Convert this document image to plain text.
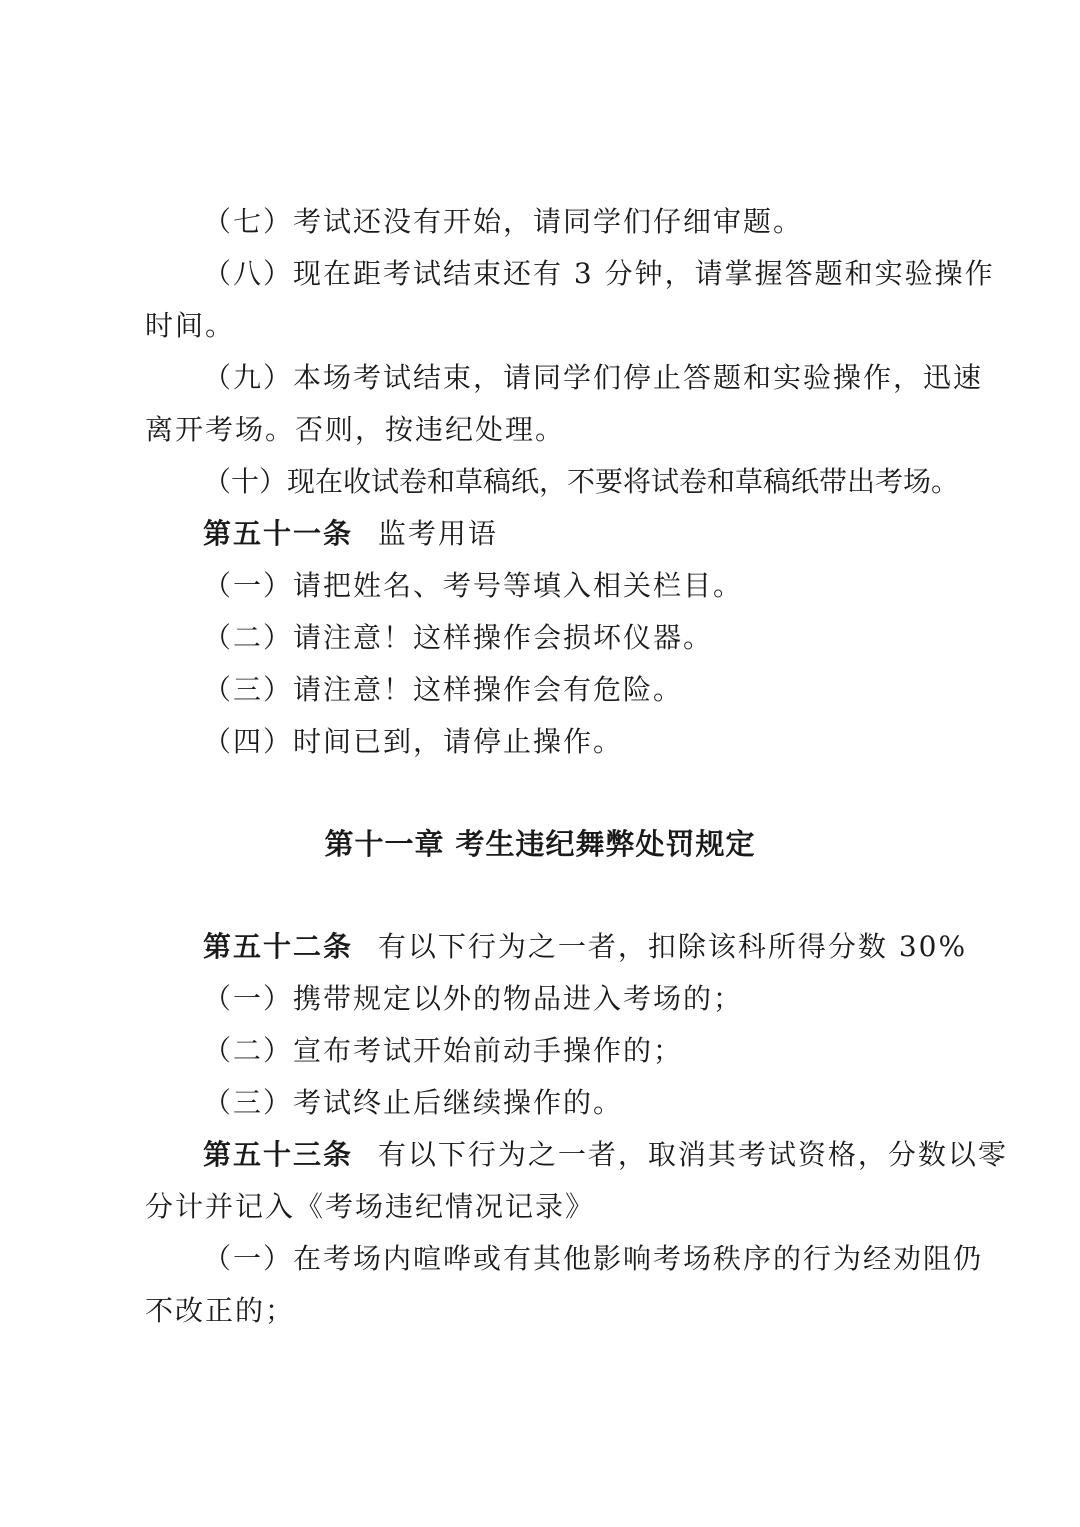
（七）考试还没有开始，请同学们仔细审题。
（八）现在距考试结束还有 3 分钟，请掌握答题和实验操作
时间。
（九）本场考试结束，请同学们停止答题和实验操作，迅速
离开考场。否则，按违纪处理。
（十）现在收试卷和草稿纸，不要将试卷和草稿纸带出考场。
第五十一条 监考用语
（一）请把姓名、考号等填入相关栏目。
（二）请注意！这样操作会损坏仪器。
（三）请注意！这样操作会有危险。
（四）时间已到，请停止操作。
第十一章 考生违纪舞弊处罚规定
第五十二条 有以下行为之一者，扣除该科所得分数 30%
（一）携带规定以外的物品进入考场的；
（二）宣布考试开始前动手操作的；
（三）考试终止后继续操作的。
第五十三条 有以下行为之一者，取消其考试资格，分数以零
分计并记入《考场违纪情况记录》
（一）在考场内喧哗或有其他影响考场秩序的行为经劝阻仍
不改正的；
